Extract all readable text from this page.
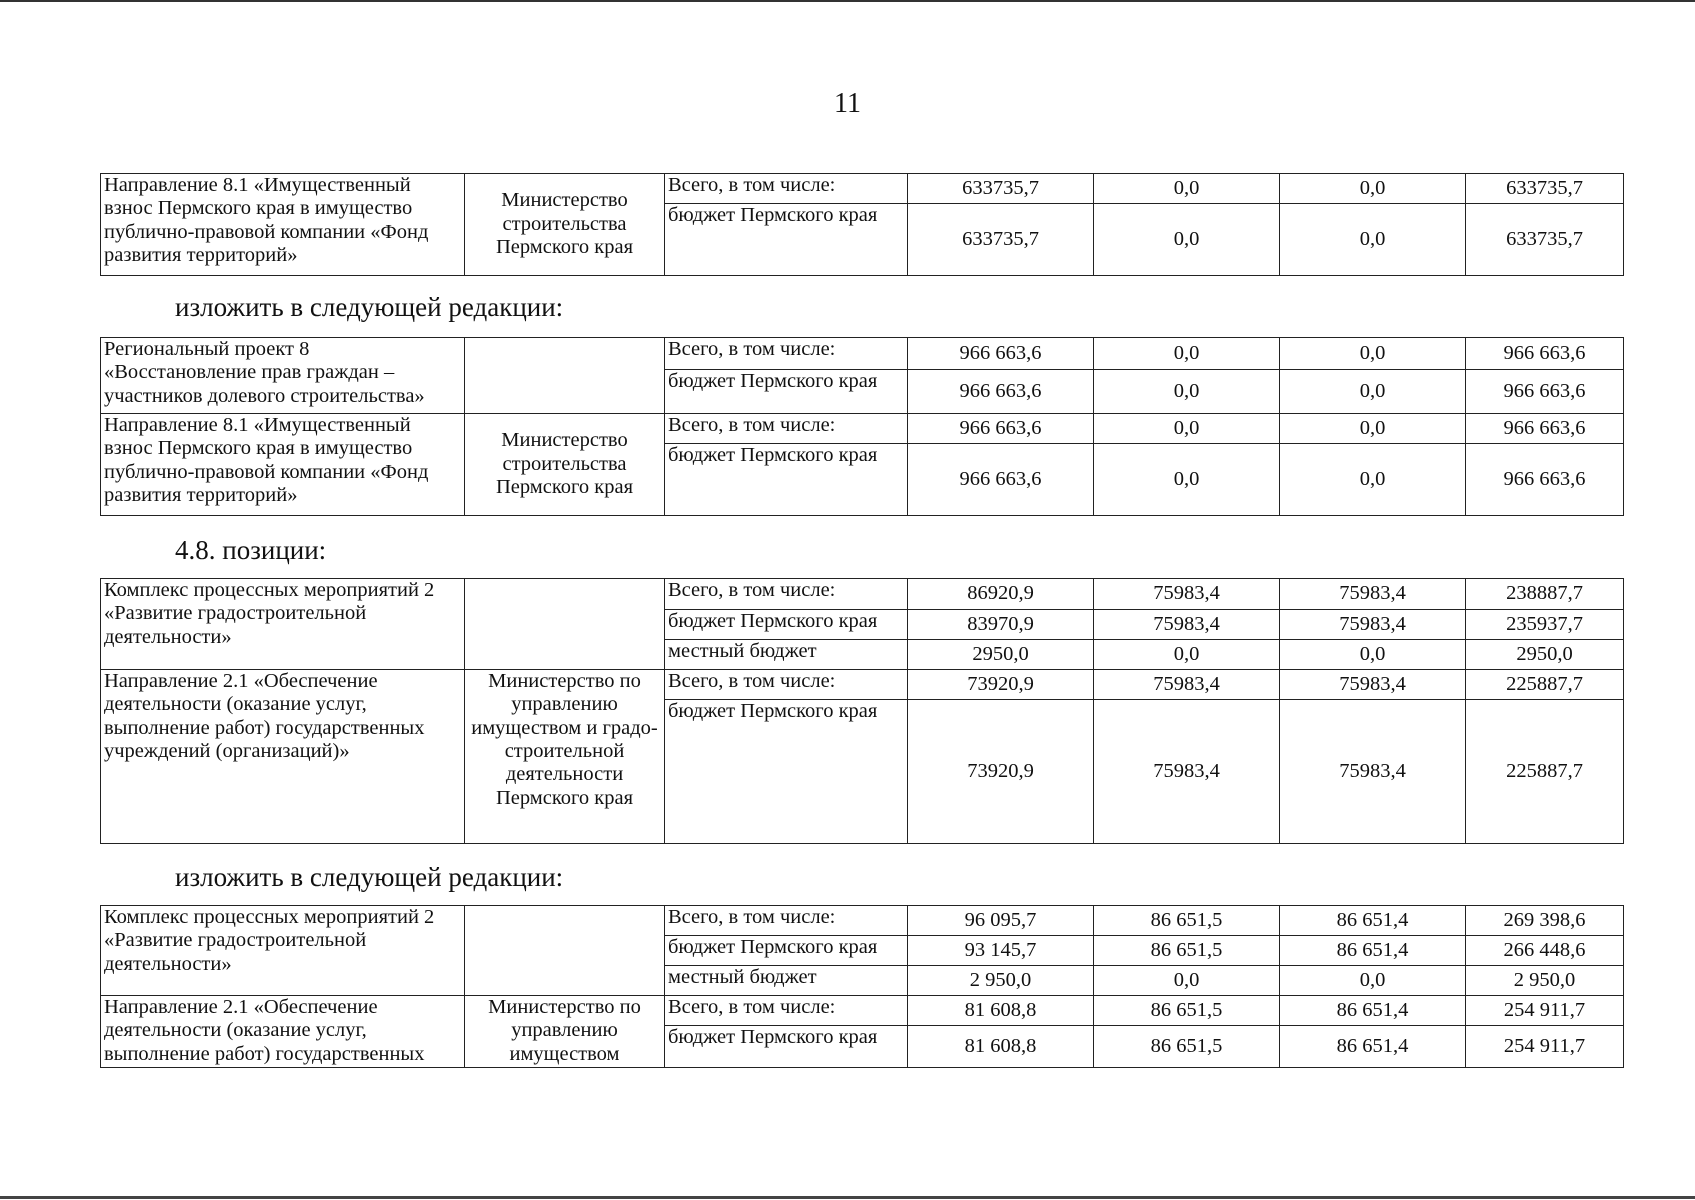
11
Направление 8.1 «Имущественный взнос Пермского края в имущество публично-правовой компании «Фонд развития территорий»	Министерство строительства Пермского края	Всего, в том числе:	633735,7	0,0	0,0	633735,7
		бюджет Пермского края	633735,7	0,0	0,0	633735,7
изложить в следующей редакции:
Региональный проект 8 «Восстановление прав граждан – участников долевого строительства»		Всего, в том числе:	966 663,6	0,0	0,0	966 663,6
		бюджет Пермского края	966 663,6	0,0	0,0	966 663,6
Направление 8.1 «Имущественный взнос Пермского края в имущество публично-правовой компании «Фонд развития территорий»	Министерство строительства Пермского края	Всего, в том числе:	966 663,6	0,0	0,0	966 663,6
		бюджет Пермского края	966 663,6	0,0	0,0	966 663,6
4.8. позиции:
Комплекс процессных мероприятий 2 «Развитие градостроительной деятельности»		Всего, в том числе:	86920,9	75983,4	75983,4	238887,7
		бюджет Пермского края	83970,9	75983,4	75983,4	235937,7
		местный бюджет	2950,0	0,0	0,0	2950,0
Направление 2.1 «Обеспечение деятельности (оказание услуг, выполнение работ) государственных учреждений (организаций)»	Министерство по управлению имуществом и градо-строительной деятельности Пермского края	Всего, в том числе:	73920,9	75983,4	75983,4	225887,7
		бюджет Пермского края	73920,9	75983,4	75983,4	225887,7
изложить в следующей редакции:
Комплекс процессных мероприятий 2 «Развитие градостроительной деятельности»		Всего, в том числе:	96 095,7	86 651,5	86 651,4	269 398,6
		бюджет Пермского края	93 145,7	86 651,5	86 651,4	266 448,6
		местный бюджет	2 950,0	0,0	0,0	2 950,0
Направление 2.1 «Обеспечение деятельности (оказание услуг, выполнение работ) государственных	Министерство по управлению имуществом	Всего, в том числе:	81 608,8	86 651,5	86 651,4	254 911,7
		бюджет Пермского края	81 608,8	86 651,5	86 651,4	254 911,7
